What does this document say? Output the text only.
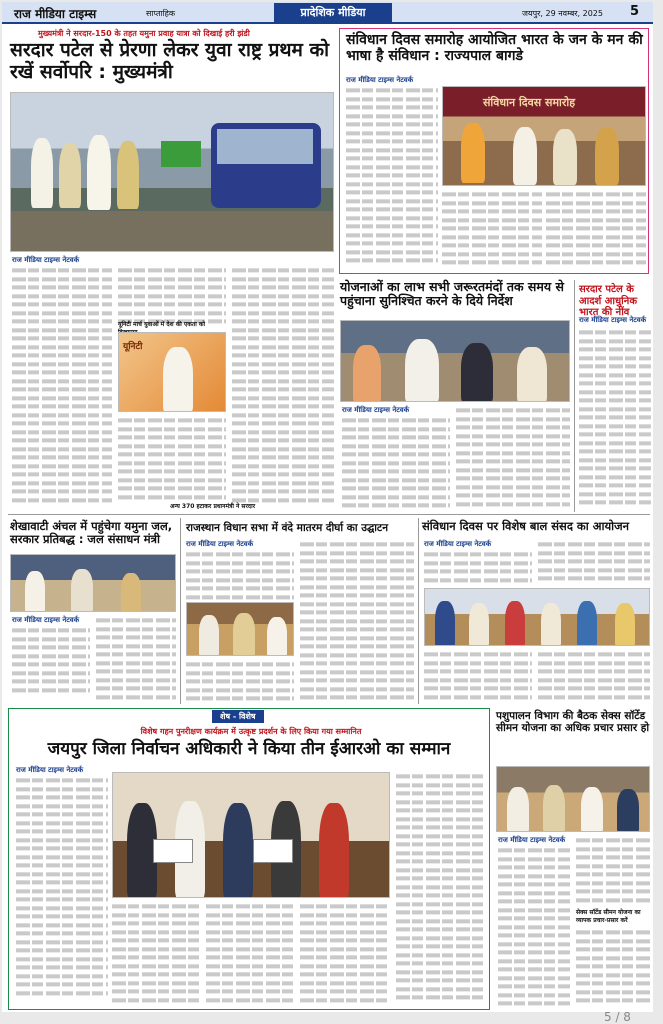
राज मीडिया टाइम्स	साप्ताहिक	प्रादेशिक मीडिया	जयपुर, 29 नवम्बर, 2025 5
मुख्यमंत्री ने सरदार-150 के तहत यमुना प्रवाह यात्रा को दिखाई हरी झंडी
सरदार पटेल से प्रेरणा लेकर युवा राष्ट्र प्रथम को रखें सर्वोपरि : मुख्यमंत्री
राज मीडिया टाइम्स नेटवर्क
यूनिटी मार्च युवाओं में देश की एकता को
यूनिटी
अन्य 370 हटाकर प्रधानमंत्री ने सरदार
संविधान दिवस समारोह आयोजित भारत के जन के मन की भाषा है संविधान : राज्यपाल बागडे
राज मीडिया टाइम्स नेटवर्क
संविधान दिवस समारोह
योजनाओं का लाभ सभी जरूरतमंदों तक समय से पहुंचाना सुनिश्चित करने के दिये निर्देश
राज मीडिया टाइम्स नेटवर्क
सरदार पटेल के आदर्श आधुनिक भारत की नींव
राज मीडिया टाइम्स नेटवर्क
शेखावाटी अंचल में पहुंचेगा यमुना जल, सरकार प्रतिबद्ध : जल संसाधन मंत्री
राज मीडिया टाइम्स नेटवर्क
राजस्थान विधान सभा में वंदे मातरम दीर्घा का उद्घाटन
राज मीडिया टाइम्स नेटवर्क
संविधान दिवस पर विशेष बाल संसद का आयोजन
राज मीडिया टाइम्स नेटवर्क
शेष - विशेष
विशेष गहन पुनरीक्षण कार्यक्रम में उत्कृष्ट प्रदर्शन के लिए किया गया सम्मानित
जयपुर जिला निर्वाचन अधिकारी ने किया तीन ईआरओ का सम्मान
राज मीडिया टाइम्स नेटवर्क
पशुपालन विभाग की बैठक सेक्स सॉर्टेड सीमन योजना का अधिक प्रचार प्रसार हो
राज मीडिया टाइम्स नेटवर्क
सेक्स सॉर्टेड सीमन योजना का व्यापक प्रचार-प्रसार करें
5 / 8
